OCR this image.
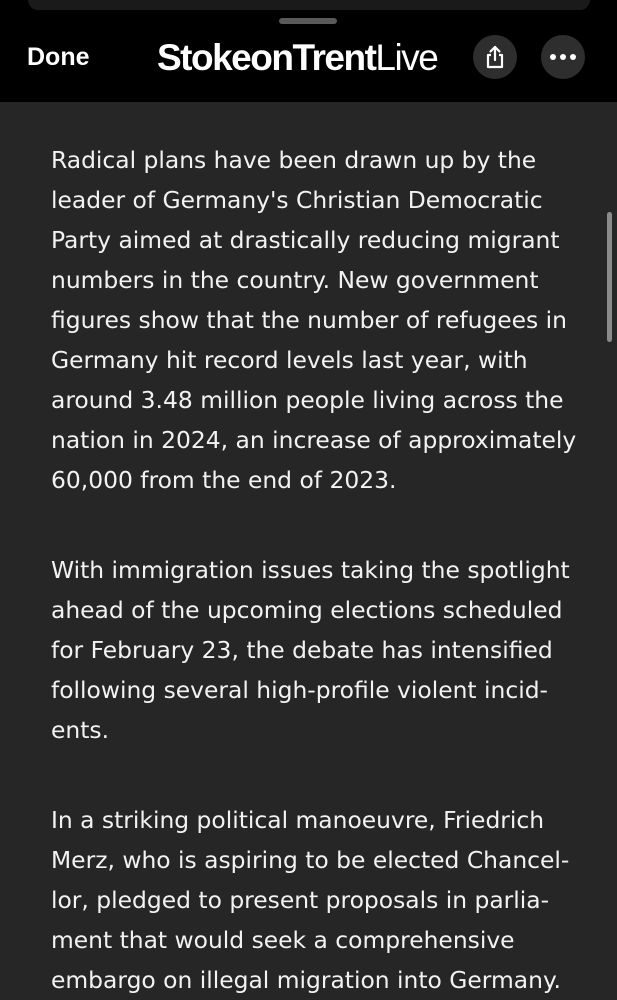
Done StokeonTrentLive

Radical plans have been drawn up by the
leader of Germany's Christian Democratic
Party aimed at drastically reducing migrant
numbers in the country. New government
figures show that the number of refugees in
Germany hit record levels last year, with
around 3.48 million people living across the
nation in 2024, an increase of approximately
60,000 from the end of 2023.

With immigration issues taking the spotlight
ahead of the upcoming elections scheduled
for February 23, the debate has intensified
following several high-profile violent incid-
ents.

In a striking political manoeuvre, Friedrich
Merz, who is aspiring to be elected Chancel-
lor, pledged to present proposals in parlia-
ment that would seek a comprehensive
embargo on illegal migration into Germany.
